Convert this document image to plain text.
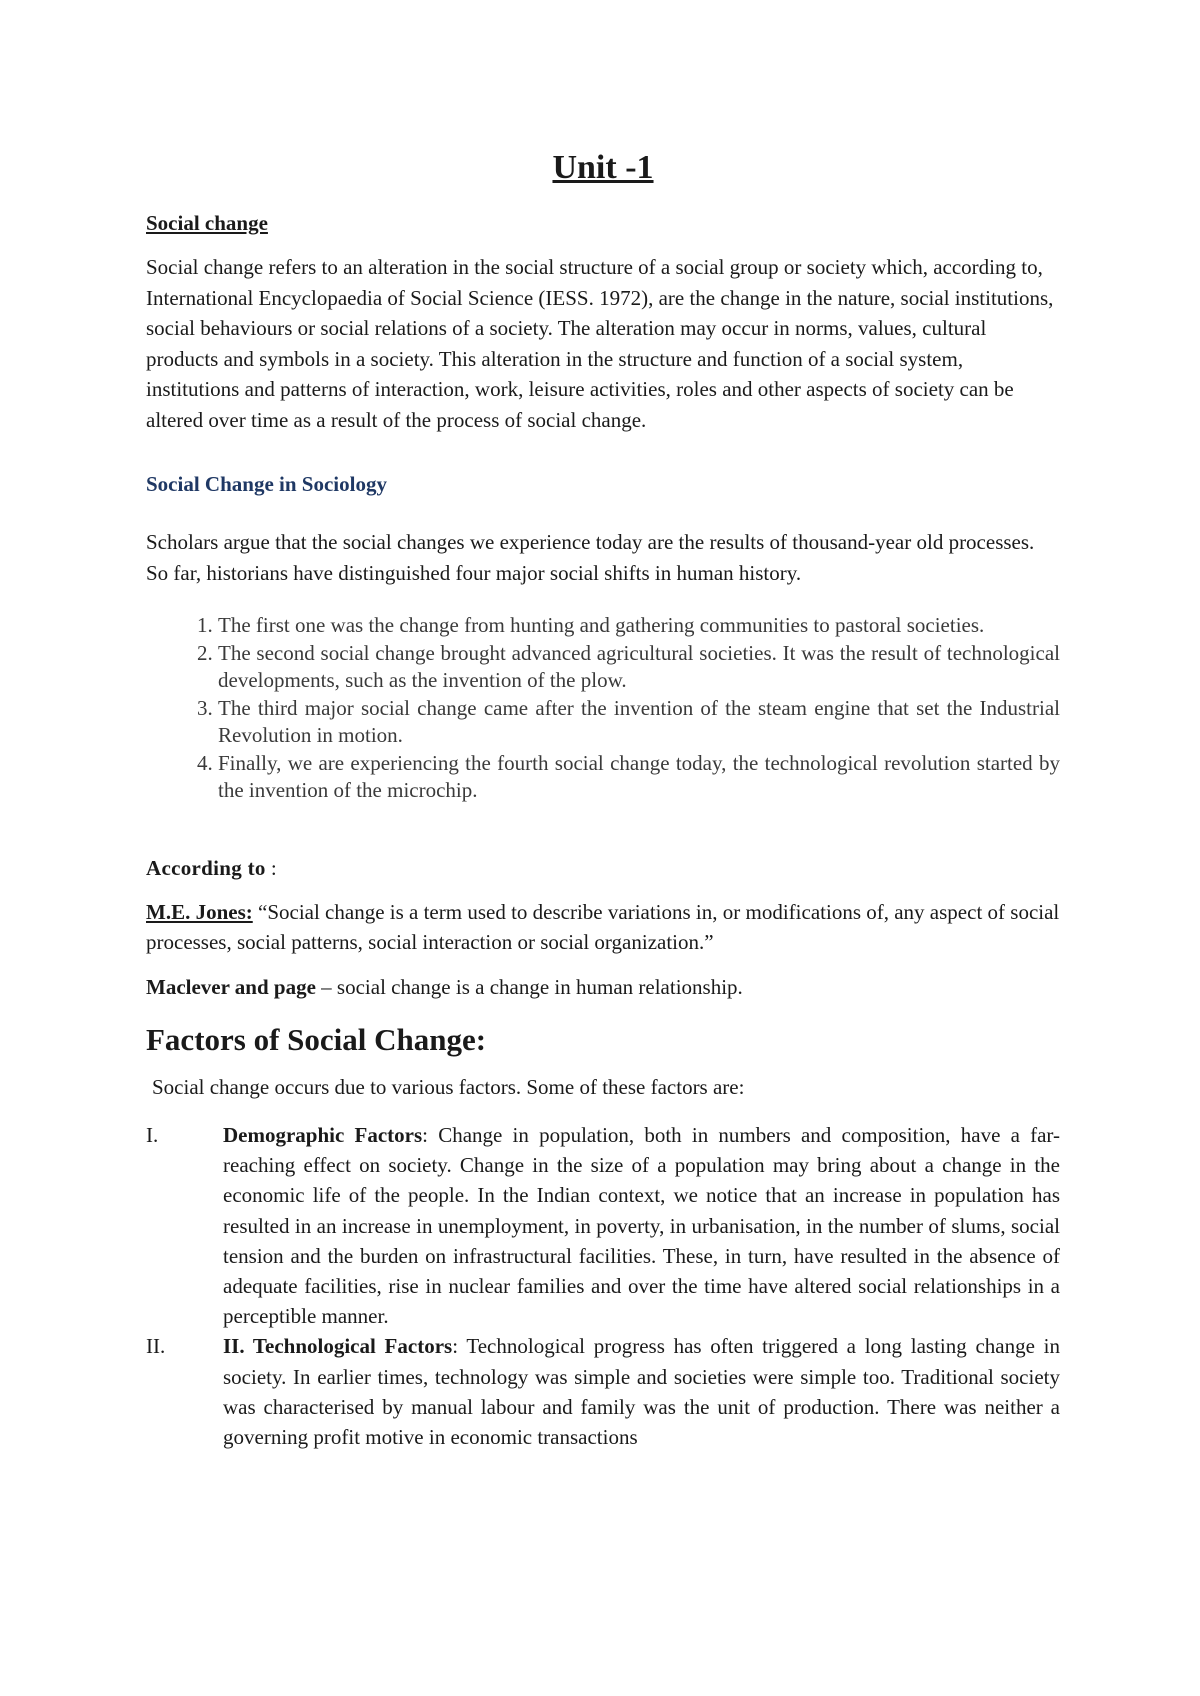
Unit -1
Social change

Social change refers to an alteration in the social structure of a social group or society which, according to, International Encyclopaedia of Social Science (IESS. 1972), are the change in the nature, social institutions, social behaviours or social relations of a society. The alteration may occur in norms, values, cultural products and symbols in a society. This alteration in the structure and function of a social system, institutions and patterns of interaction, work, leisure activities, roles and other aspects of society can be altered over time as a result of the process of social change.

Social Change in Sociology

Scholars argue that the social changes we experience today are the results of thousand-year old processes. So far, historians have distinguished four major social shifts in human history.

1. The first one was the change from hunting and gathering communities to pastoral societies.
2. The second social change brought advanced agricultural societies. It was the result of technological developments, such as the invention of the plow.
3. The third major social change came after the invention of the steam engine that set the Industrial Revolution in motion.
4. Finally, we are experiencing the fourth social change today, the technological revolution started by the invention of the microchip.
According to :

M.E. Jones: “Social change is a term used to describe variations in, or modifications of, any aspect of social processes, social patterns, social interaction or social organization.”

Maclever and page – social change is a change in human relationship.

Factors of Social Change:

Social change occurs due to various factors. Some of these factors are:

I.	Demographic Factors: Change in population, both in numbers and composition, have a far-reaching effect on society. Change in the size of a population may bring about a change in the economic life of the people. In the Indian context, we notice that an increase in population has resulted in an increase in unemployment, in poverty, in urbanisation, in the number of slums, social tension and the burden on infrastructural facilities. These, in turn, have resulted in the absence of adequate facilities, rise in nuclear families and over the time have altered social relationships in a perceptible manner.
II.	II. Technological Factors: Technological progress has often triggered a long lasting change in society. In earlier times, technology was simple and societies were simple too. Traditional society was characterised by manual labour and family was the unit of production. There was neither a governing profit motive in economic transactions
